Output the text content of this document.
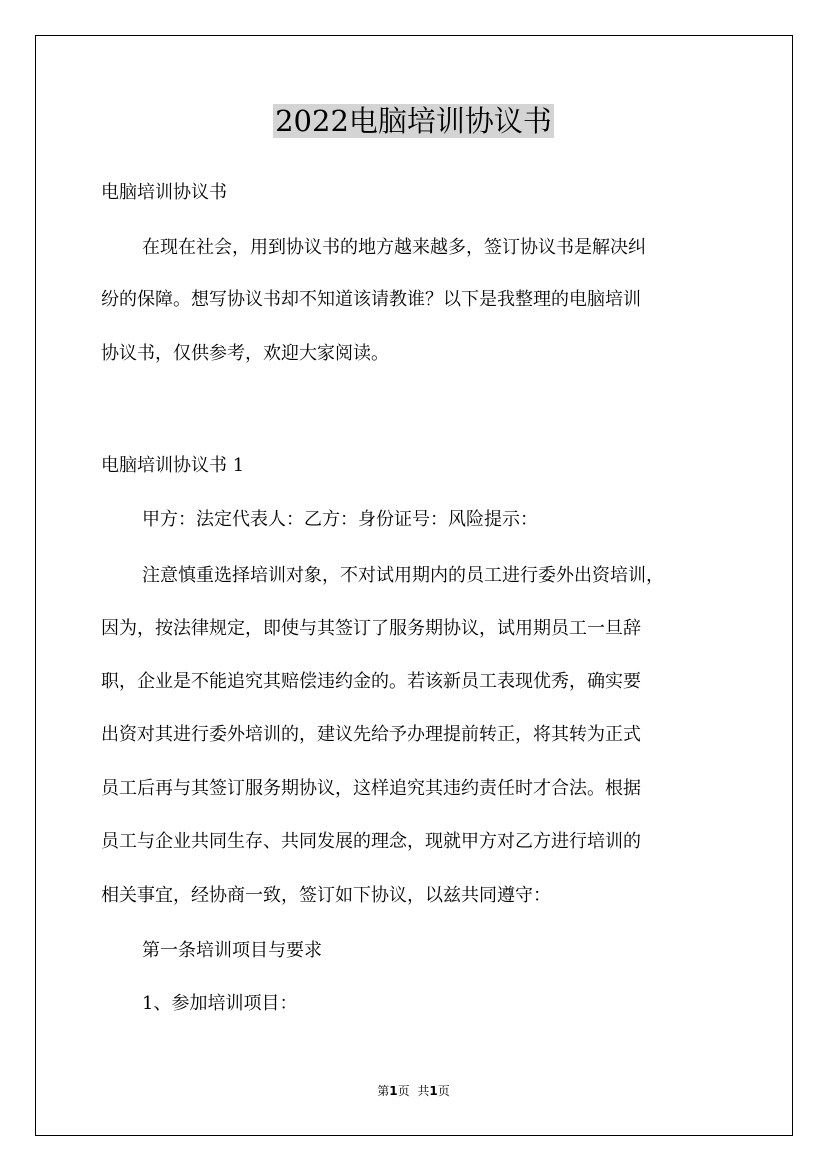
2022电脑培训协议书
电脑培训协议书
在现在社会，用到协议书的地方越来越多，签订协议书是解决纠
纷的保障。想写协议书却不知道该请教谁？以下是我整理的电脑培训
协议书，仅供参考，欢迎大家阅读。
电脑培训协议书 1
甲方：法定代表人：乙方：身份证号：风险提示：
注意慎重选择培训对象，不对试用期内的员工进行委外出资培训，
因为，按法律规定，即使与其签订了服务期协议，试用期员工一旦辞
职，企业是不能追究其赔偿违约金的。若该新员工表现优秀，确实要
出资对其进行委外培训的，建议先给予办理提前转正，将其转为正式
员工后再与其签订服务期协议，这样追究其违约责任时才合法。根据
员工与企业共同生存、共同发展的理念，现就甲方对乙方进行培训的
相关事宜，经协商一致，签订如下协议，以兹共同遵守：
第一条培训项目与要求
1、参加培训项目：
第1页 共1页
